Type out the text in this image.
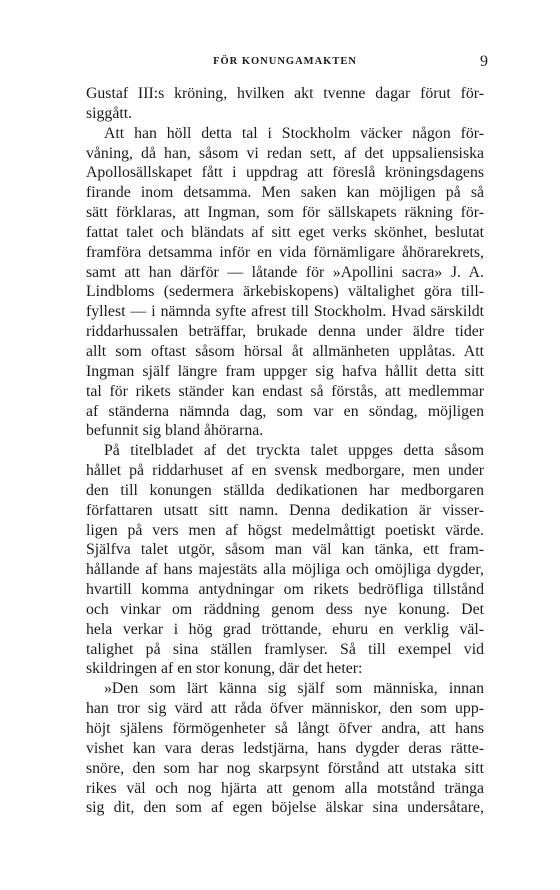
FÖR KONUNGAMAKTEN	9
Gustaf III:s kröning, hvilken akt tvenne dagar förut för-
siggått.
Att han höll detta tal i Stockholm väcker någon för-
våning, då han, såsom vi redan sett, af det uppsaliensiska
Apollosällskapet fått i uppdrag att föreslå kröningsdagens
firande inom detsamma. Men saken kan möjligen på så
sätt förklaras, att Ingman, som för sällskapets räkning för-
fattat talet och bländats af sitt eget verks skönhet, beslutat
framföra detsamma inför en vida förnämligare åhörarekrets,
samt att han därför — låtande för »Apollini sacra» J. A.
Lindbloms (sedermera ärkebiskopens) vältalighet göra till-
fyllest — i nämnda syfte afrest till Stockholm. Hvad särskildt
riddarhussalen beträffar, brukade denna under äldre tider
allt som oftast såsom hörsal åt allmänheten upplåtas. Att
Ingman själf längre fram uppger sig hafva hållit detta sitt
tal för rikets ständer kan endast så förstås, att medlemmar
af ständerna nämnda dag, som var en söndag, möjligen
befunnit sig bland åhörarna.
På titelbladet af det tryckta talet uppges detta såsom
hållet på riddarhuset af en svensk medborgare, men under
den till konungen ställda dedikationen har medborgaren
författaren utsatt sitt namn. Denna dedikation är visser-
ligen på vers men af högst medelmåttigt poetiskt värde.
Själfva talet utgör, såsom man väl kan tänka, ett fram-
hållande af hans majestäts alla möjliga och omöjliga dygder,
hvartill komma antydningar om rikets bedröfliga tillstånd
och vinkar om räddning genom dess nye konung. Det
hela verkar i hög grad tröttande, ehuru en verklig väl-
talighet på sina ställen framlyser. Så till exempel vid
skildringen af en stor konung, där det heter:
»Den som lärt känna sig själf som människa, innan
han tror sig värd att råda öfver människor, den som upp-
höjt själens förmögenheter så långt öfver andra, att hans
vishet kan vara deras ledstjärna, hans dygder deras rätte-
snöre, den som har nog skarpsynt förstånd att utstaka sitt
rikes väl och nog hjärta att genom alla motstånd tränga
sig dit, den som af egen böjelse älskar sina undersåtare,
